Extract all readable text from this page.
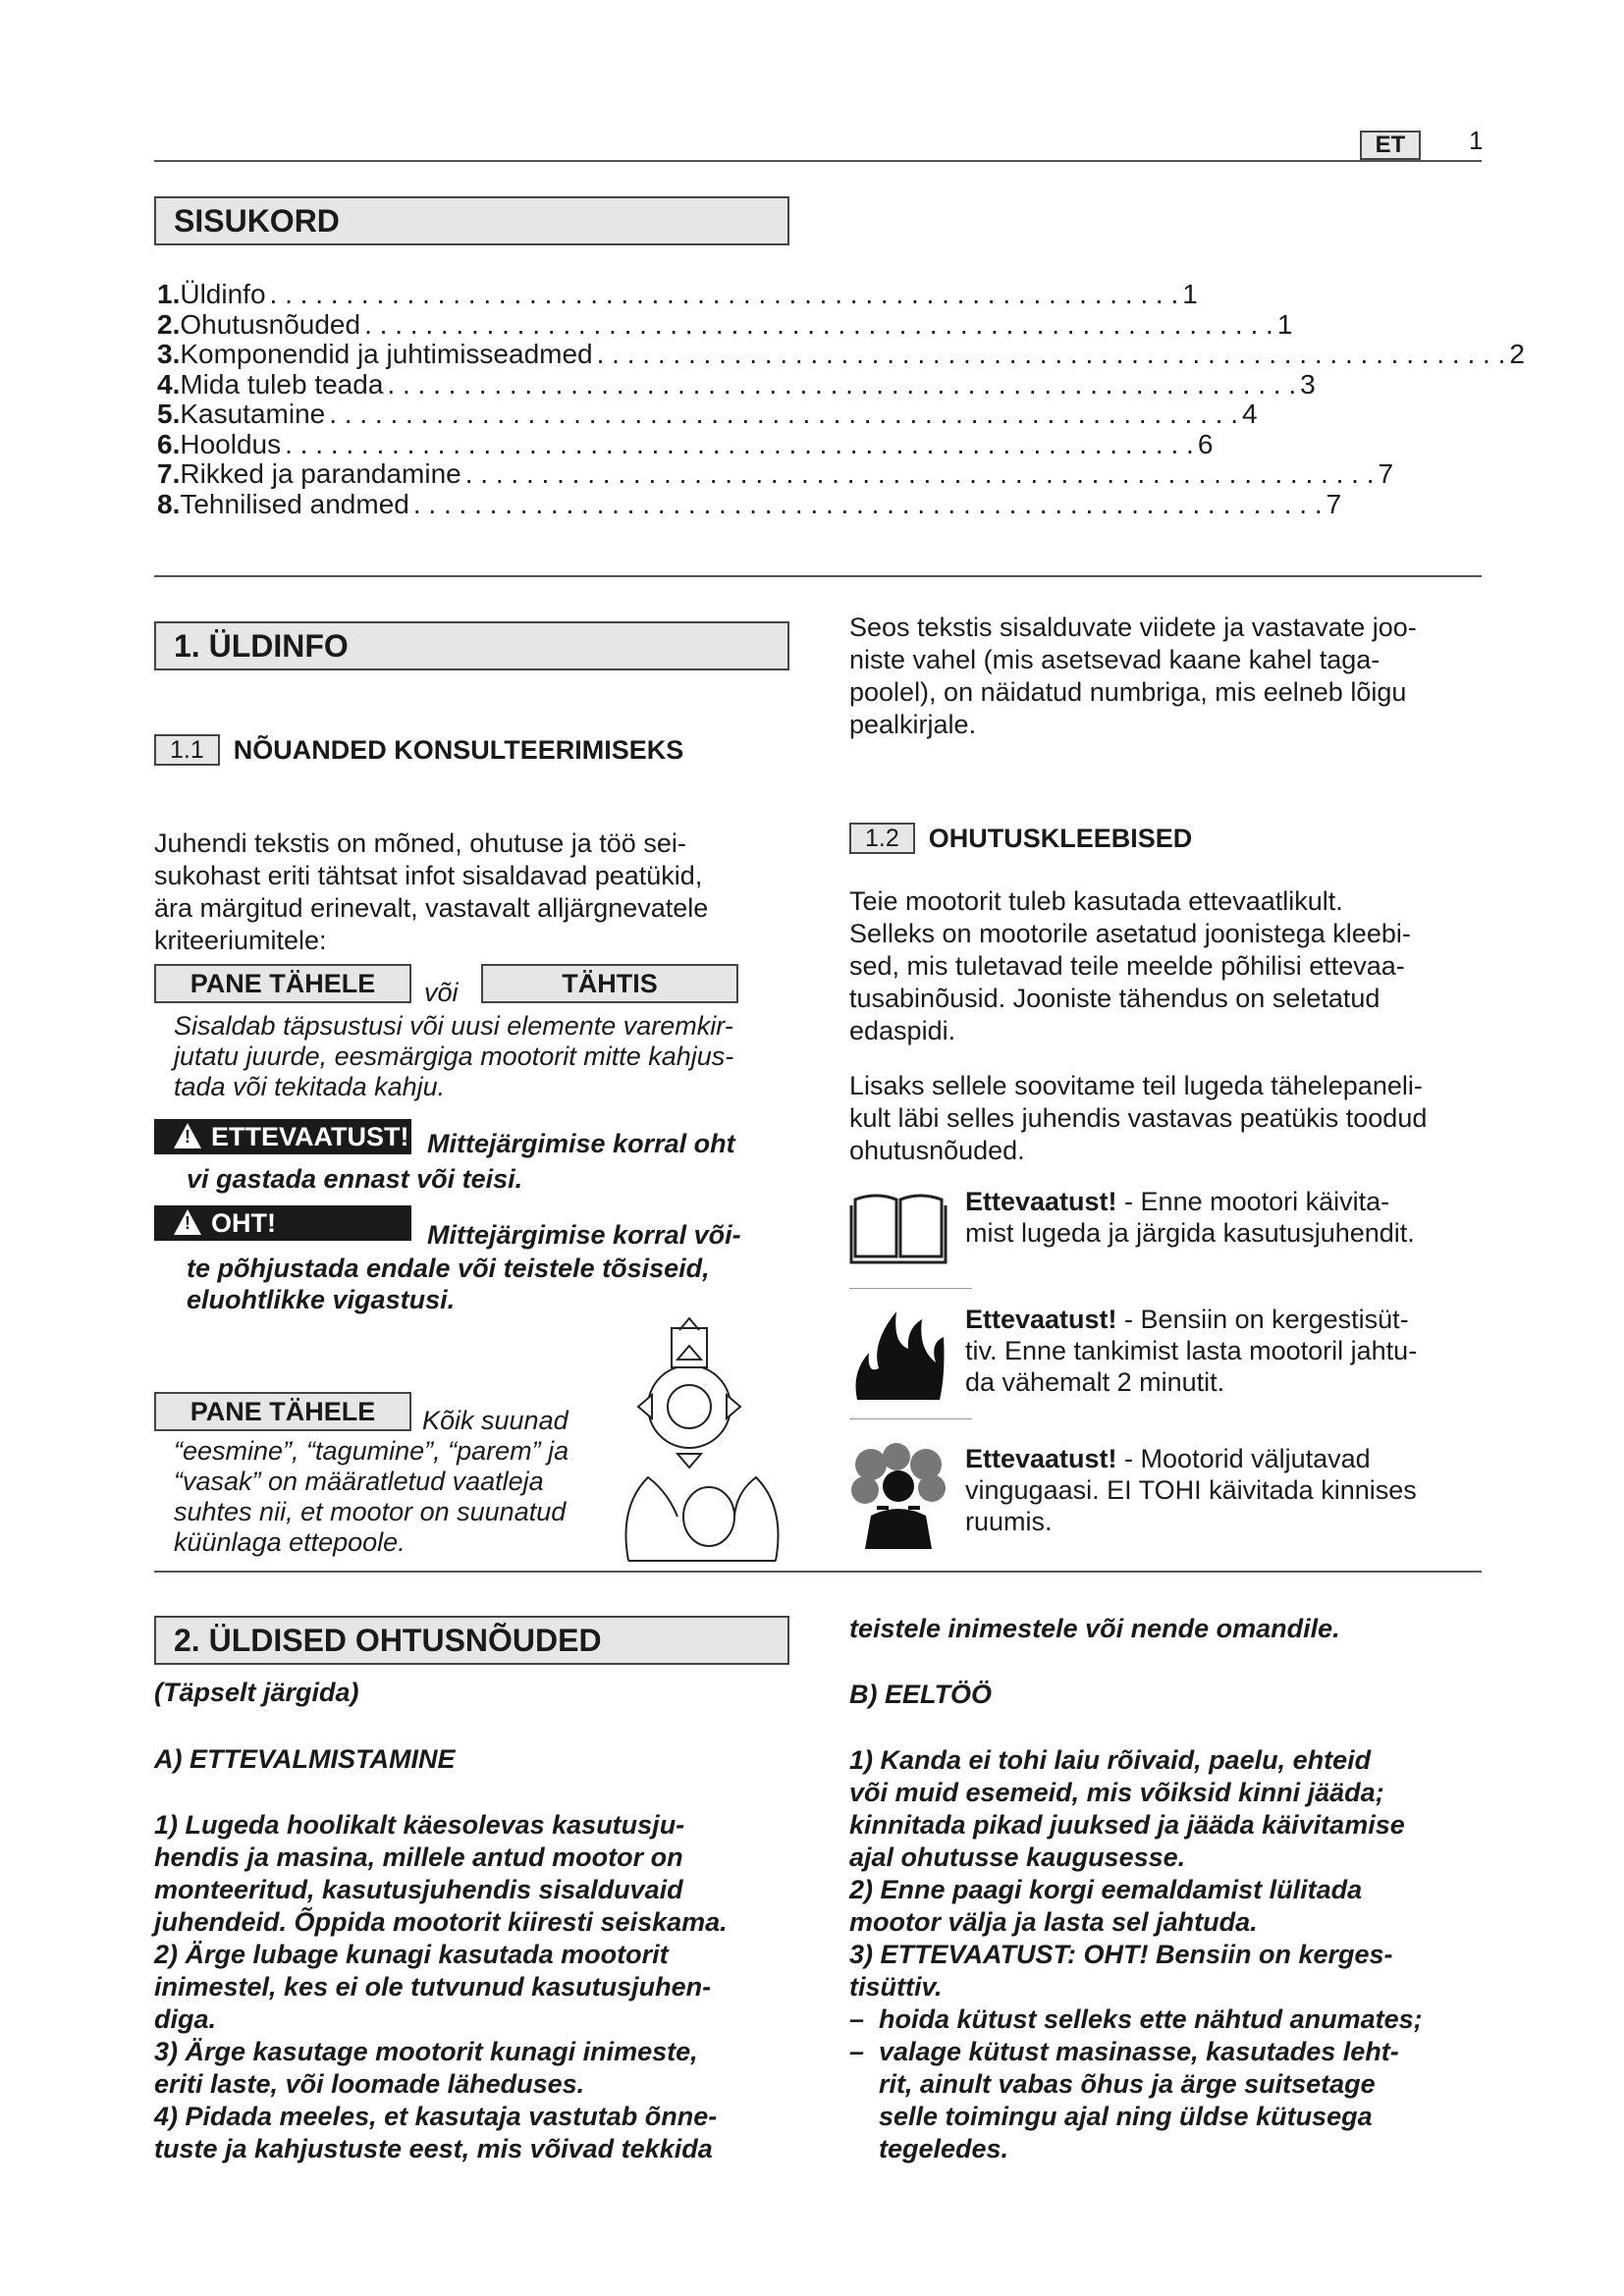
ET	1
SISUKORD
1. Üldinfo . . . . . . . . . . . . . . . . . . . . . . . . . . . . . . . . . . . . . . . . . . . . . . . . . . . . . . . . . . . . 1
2. Ohutusnõuded . . . . . . . . . . . . . . . . . . . . . . . . . . . . . . . . . . . . . . . . . . . . . . . . . . . . . . . . . . . . 1
3. Komponendid ja juhtimisseadmed . . . . . . . . . . . . . . . . . . . . . . . . . . . . . . . . . . . . . . . . . . . . . . . . . . . . . . . . . . . . 2
4. Mida tuleb teada . . . . . . . . . . . . . . . . . . . . . . . . . . . . . . . . . . . . . . . . . . . . . . . . . . . . . . . . . . . . 3
5. Kasutamine . . . . . . . . . . . . . . . . . . . . . . . . . . . . . . . . . . . . . . . . . . . . . . . . . . . . . . . . . . . . 4
6. Hooldus . . . . . . . . . . . . . . . . . . . . . . . . . . . . . . . . . . . . . . . . . . . . . . . . . . . . . . . . . . . . 6
7. Rikked ja parandamine . . . . . . . . . . . . . . . . . . . . . . . . . . . . . . . . . . . . . . . . . . . . . . . . . . . . . . . . . . . . 7
8. Tehnilised andmed . . . . . . . . . . . . . . . . . . . . . . . . . . . . . . . . . . . . . . . . . . . . . . . . . . . . . . . . . . . . 7
1. ÜLDINFO
1.1	NÕUANDED KONSULTEERIMISEKS
Juhendi tekstis on mõned, ohutuse ja töö sei-
sukohast eriti tähtsat infot sisaldavad peatükid,
ära märgitud erinevalt, vastavalt alljärgnevatele
kriteeriumitele:
PANE TÄHELE	või	TÄHTIS
Sisaldab täpsustusi või uusi elemente varemkir-
jutatu juurde, eesmärgiga mootorit mitte kahjus-
tada või tekitada kahju.
!ETTEVAATUST! Mittejärgimise korral oht
vi gastada ennast või teisi.
!OHT!	Mittejärgimise korral või-
te põhjustada endale või teistele tõsiseid,
eluohtlikke vigastusi.
PANE TÄHELE	Kõik suunad
“eesmine”, “tagumine”, “parem” ja
“vasak” on määratletud vaatleja
suhtes nii, et mootor on suunatud
küünlaga ettepoole.
Seos tekstis sisalduvate viidete ja vastavate joo-
niste vahel (mis asetsevad kaane kahel taga-
poolel), on näidatud numbriga, mis eelneb lõigu
pealkirjale.
1.2	OHUTUSKLEEBISED
Teie mootorit tuleb kasutada ettevaatlikult.
Selleks on mootorile asetatud joonistega kleebi-
sed, mis tuletavad teile meelde põhilisi ettevaa-
tusabinõusid. Jooniste tähendus on seletatud
edaspidi.
Lisaks sellele soovitame teil lugeda tähelepaneli-
kult läbi selles juhendis vastavas peatükis toodud
ohutusnõuded.
Ettevaatust! - Enne mootori käivita-
mist lugeda ja järgida kasutusjuhendit.
Ettevaatust! - Bensiin on kergestisüt-
tiv. Enne tankimist lasta mootoril jahtu-
da vähemalt 2 minutit.
Ettevaatust! - Mootorid väljutavad
vingugaasi. EI TOHI käivitada kinnises
ruumis.
2. ÜLDISED OHTUSNÕUDED
(Täpselt järgida)
A) ETTEVALMISTAMINE
1) Lugeda hoolikalt käesolevas kasutusju-
hendis ja masina, millele antud mootor on
monteeritud, kasutusjuhendis sisalduvaid
juhendeid. Õppida mootorit kiiresti seiskama.
2) Ärge lubage kunagi kasutada mootorit
inimestel, kes ei ole tutvunud kasutusjuhen-
diga.
3) Ärge kasutage mootorit kunagi inimeste,
eriti laste, või loomade läheduses.
4) Pidada meeles, et kasutaja vastutab õnne-
tuste ja kahjustuste eest, mis võivad tekkida
teistele inimestele või nende omandile.
B) EELTÖÖ
1) Kanda ei tohi laiu rõivaid, paelu, ehteid
või muid esemeid, mis võiksid kinni jääda;
kinnitada pikad juuksed ja jääda käivitamise
ajal ohutusse kaugusesse.
2) Enne paagi korgi eemaldamist lülitada
mootor välja ja lasta sel jahtuda.
3) ETTEVAATUST: OHT! Bensiin on kerges-
tisüttiv.
– hoida kütust selleks ette nähtud anumates;
– valage kütust masinasse, kasutades leht-
rit, ainult vabas õhus ja ärge suitsetage
selle toimingu ajal ning üldse kütusega
tegeledes.
